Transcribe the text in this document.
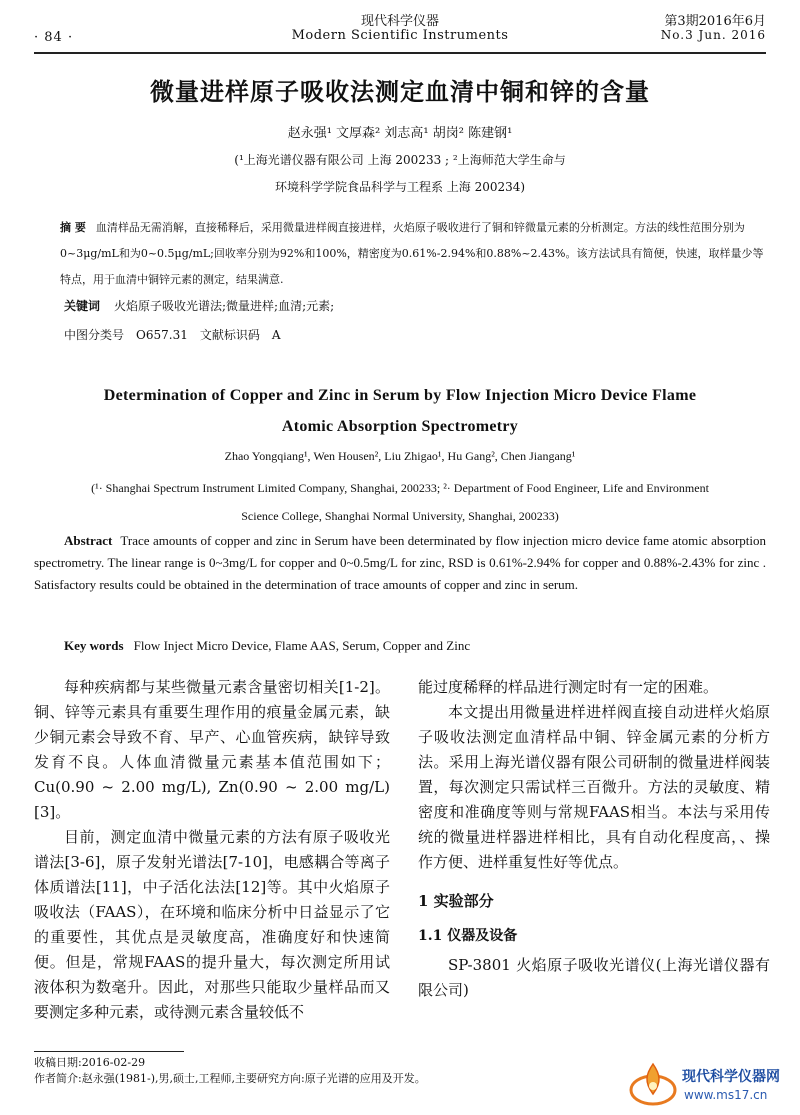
· 84 ·
现代科学仪器
Modern Scientific Instruments
第3期2016年6月
No.3 Jun. 2016
微量进样原子吸收法测定血清中铜和锌的含量
赵永强¹ 文厚森² 刘志高¹ 胡岗² 陈建钢¹
(¹上海光谱仪器有限公司 上海 200233 ; ²上海师范大学生命与
环境科学学院食品科学与工程系 上海 200234)
摘 要 血清样品无需消解，直接稀释后，采用微量进样阀直接进样，火焰原子吸收进行了铜和锌微量元素的分析测定。方法的线性范围分别为0~3μg/mL和为0~0.5μg/mL;回收率分别为92%和100%，精密度为0.61%-2.94%和0.88%~2.43%。该方法试具有简便，快速，取样量少等特点，用于血清中铜锌元素的测定，结果满意.
关键词 火焰原子吸收光谱法;微量进样;血清;元素;
中图分类号 O657.31 文献标识码 A
Determination of Copper and Zinc in Serum by Flow Injection Micro Device Flame
Atomic Absorption Spectrometry
Zhao Yongqiang¹, Wen Housen², Liu Zhigao¹, Hu Gang², Chen Jiangang¹
(¹· Shanghai Spectrum Instrument Limited Company, Shanghai, 200233; ²· Department of Food Engineer, Life and Environment
Science College, Shanghai Normal University, Shanghai, 200233)
Abstract Trace amounts of copper and zinc in Serum have been determinated by flow injection micro device fame atomic absorption spectrometry. The linear range is 0~3mg/L for copper and 0~0.5mg/L for zinc, RSD is 0.61%-2.94% for copper and 0.88%-2.43% for zinc . Satisfactory results could be obtained in the determination of trace amounts of copper and zinc in serum.
Key words Flow Inject Micro Device, Flame AAS, Serum, Copper and Zinc

每种疾病都与某些微量元素含量密切相关[1-2]。铜、锌等元素具有重要生理作用的痕量金属元素，缺少铜元素会导致不育、早产、心血管疾病，缺锌导致发育不良。人体血清微量元素基本值范围如下；Cu(0.90 ~ 2.00 mg/L), Zn(0.90 ~ 2.00 mg/L)[3]。

目前，测定血清中微量元素的方法有原子吸收光谱法[3-6]，原子发射光谱法[7-10]，电感耦合等离子体质谱法[11]，中子活化法法[12]等。其中火焰原子吸收法（FAAS），在环境和临床分析中日益显示了它的重要性，其优点是灵敏度高，准确度好和快速简便。但是，常规FAAS的提升量大，每次测定所用试液体积为数毫升。因此，对那些只能取少量样品而又要测定多种元素，或待测元素含量较低不

能过度稀释的样品进行测定时有一定的困难。

本文提出用微量进样进样阀直接自动进样火焰原子吸收法测定血清样品中铜、锌金属元素的分析方法。采用上海光谱仪器有限公司研制的微量进样阀装置，每次测定只需试样三百微升。方法的灵敏度、精密度和准确度等则与常规FAAS相当。本法与采用传统的微量进样器进样相比，具有自动化程度高，、操作方便、进样重复性好等优点。

1 实验部分
1.1 仪器及设备

SP-3801 火焰原子吸收光谱仪(上海光谱仪器有限公司)

收稿日期:2016-02-29
作者简介:赵永强(1981-),男,硕士,工程师,主要研究方向:原子光谱的应用及开发。	现代科学仪器网
www.ms17.cn
